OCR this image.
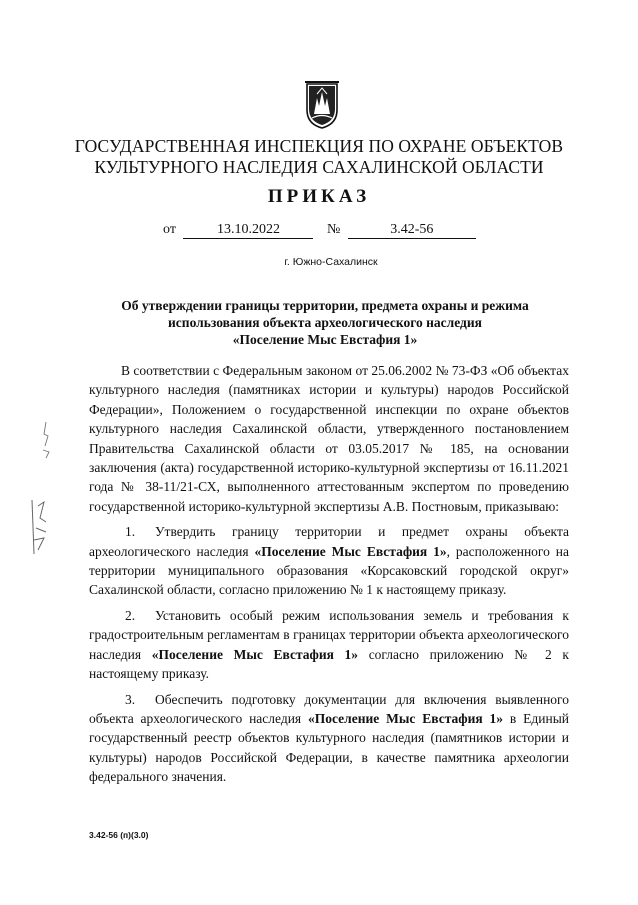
ГОСУДАРСТВЕННАЯ ИНСПЕКЦИЯ ПО ОХРАНЕ ОБЪЕКТОВ
КУЛЬТУРНОГО НАСЛЕДИЯ САХАЛИНСКОЙ ОБЛАСТИ
ПРИКАЗ
от	13.10.2022	№	3.42-56
г. Южно-Сахалинск
Об утверждении границы территории, предмета охраны и режима
использования объекта археологического наследия
«Поселение Мыс Евстафия 1»

В соответствии с Федеральным законом от 25.06.2002 № 73-ФЗ «Об объектах культурного наследия (памятниках истории и культуры) народов Российской Федерации», Положением о государственной инспекции по охране объектов культурного наследия Сахалинской области, утвержденного постановлением Правительства Сахалинской области от 03.05.2017 № 185, на основании заключения (акта) государственной историко-культурной экспертизы от 16.11.2021 года № 38-11/21-СХ, выполненного аттестованным экспертом по проведению государственной историко-культурной экспертизы А.В. Постновым, приказываю:

1. Утвердить границу территории и предмет охраны объекта археологического наследия «Поселение Мыс Евстафия 1», расположенного на территории муниципального образования «Корсаковский городской округ» Сахалинской области, согласно приложению № 1 к настоящему приказу.

2. Установить особый режим использования земель и требования к градостроительным регламентам в границах территории объекта археологического наследия «Поселение Мыс Евстафия 1» согласно приложению № 2 к настоящему приказу.

3. Обеспечить подготовку документации для включения выявленного объекта археологического наследия «Поселение Мыс Евстафия 1» в Единый государственный реестр объектов культурного наследия (памятников истории и культуры) народов Российской Федерации, в качестве памятника археологии федерального значения.

3.42-56 (п)(3.0)
